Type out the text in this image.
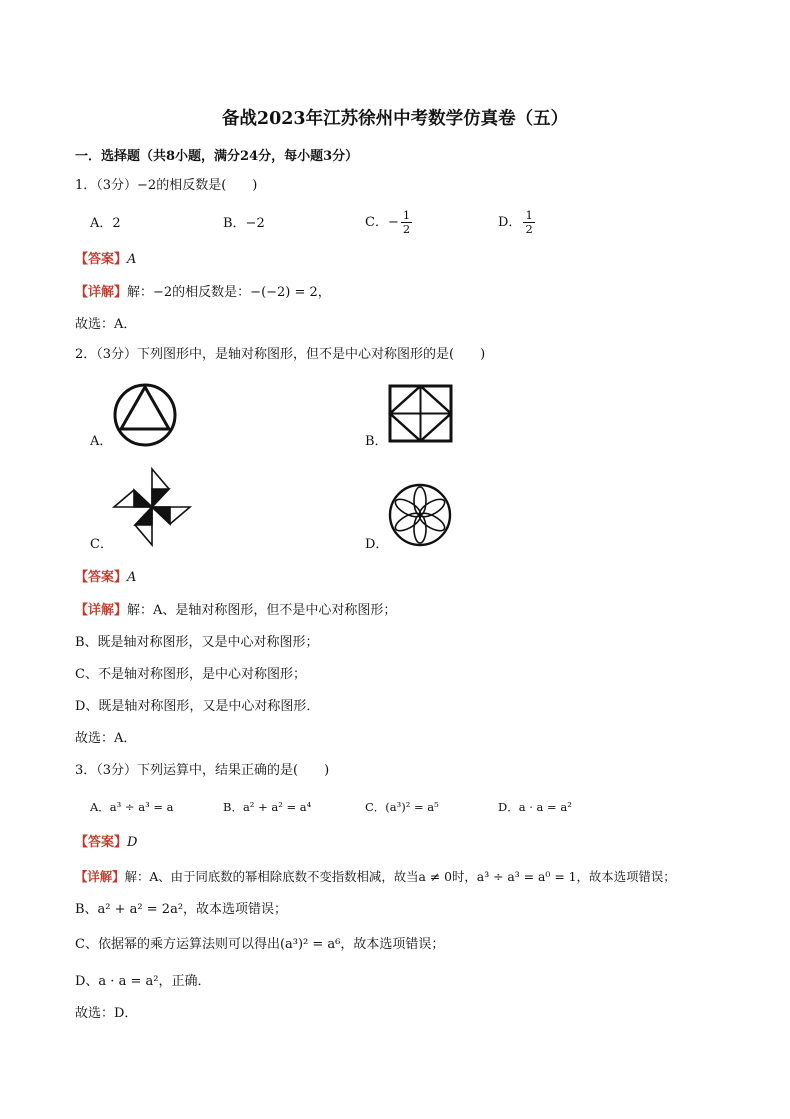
备战2023年江苏徐州中考数学仿真卷（五）
一．选择题（共8小题，满分24分，每小题3分）
1．（3分）−2的相反数是(　　)
A．2	B．−2	C．− $\frac{1}{2}$	D． $\frac{1}{2}$
【答案】A
【详解】解：−2的相反数是：−(−2) = 2，
故选：A．
2．（3分）下列图形中，是轴对称图形，但不是中心对称图形的是(　　)
A．	B．
C．	D．
【答案】A
【详解】解：A、是轴对称图形，但不是中心对称图形；
B、既是轴对称图形，又是中心对称图形；
C、不是轴对称图形，是中心对称图形；
D、既是轴对称图形，又是中心对称图形．
故选：A．
3．（3分）下列运算中，结果正确的是(　　)
A．a³ ÷ a³ = a	B．a² + a² = a⁴	C．(a³)² = a⁵	D．a · a = a²
【答案】D
【详解】解：A、由于同底数的幂相除底数不变指数相减，故当a ≠ 0时，a³ ÷ a³ = a⁰ = 1，故本选项错误；
B、a² + a² = 2a²，故本选项错误；
C、依据幂的乘方运算法则可以得出(a³)² = a⁶，故本选项错误；
D、a · a = a²，正确．
故选：D．
